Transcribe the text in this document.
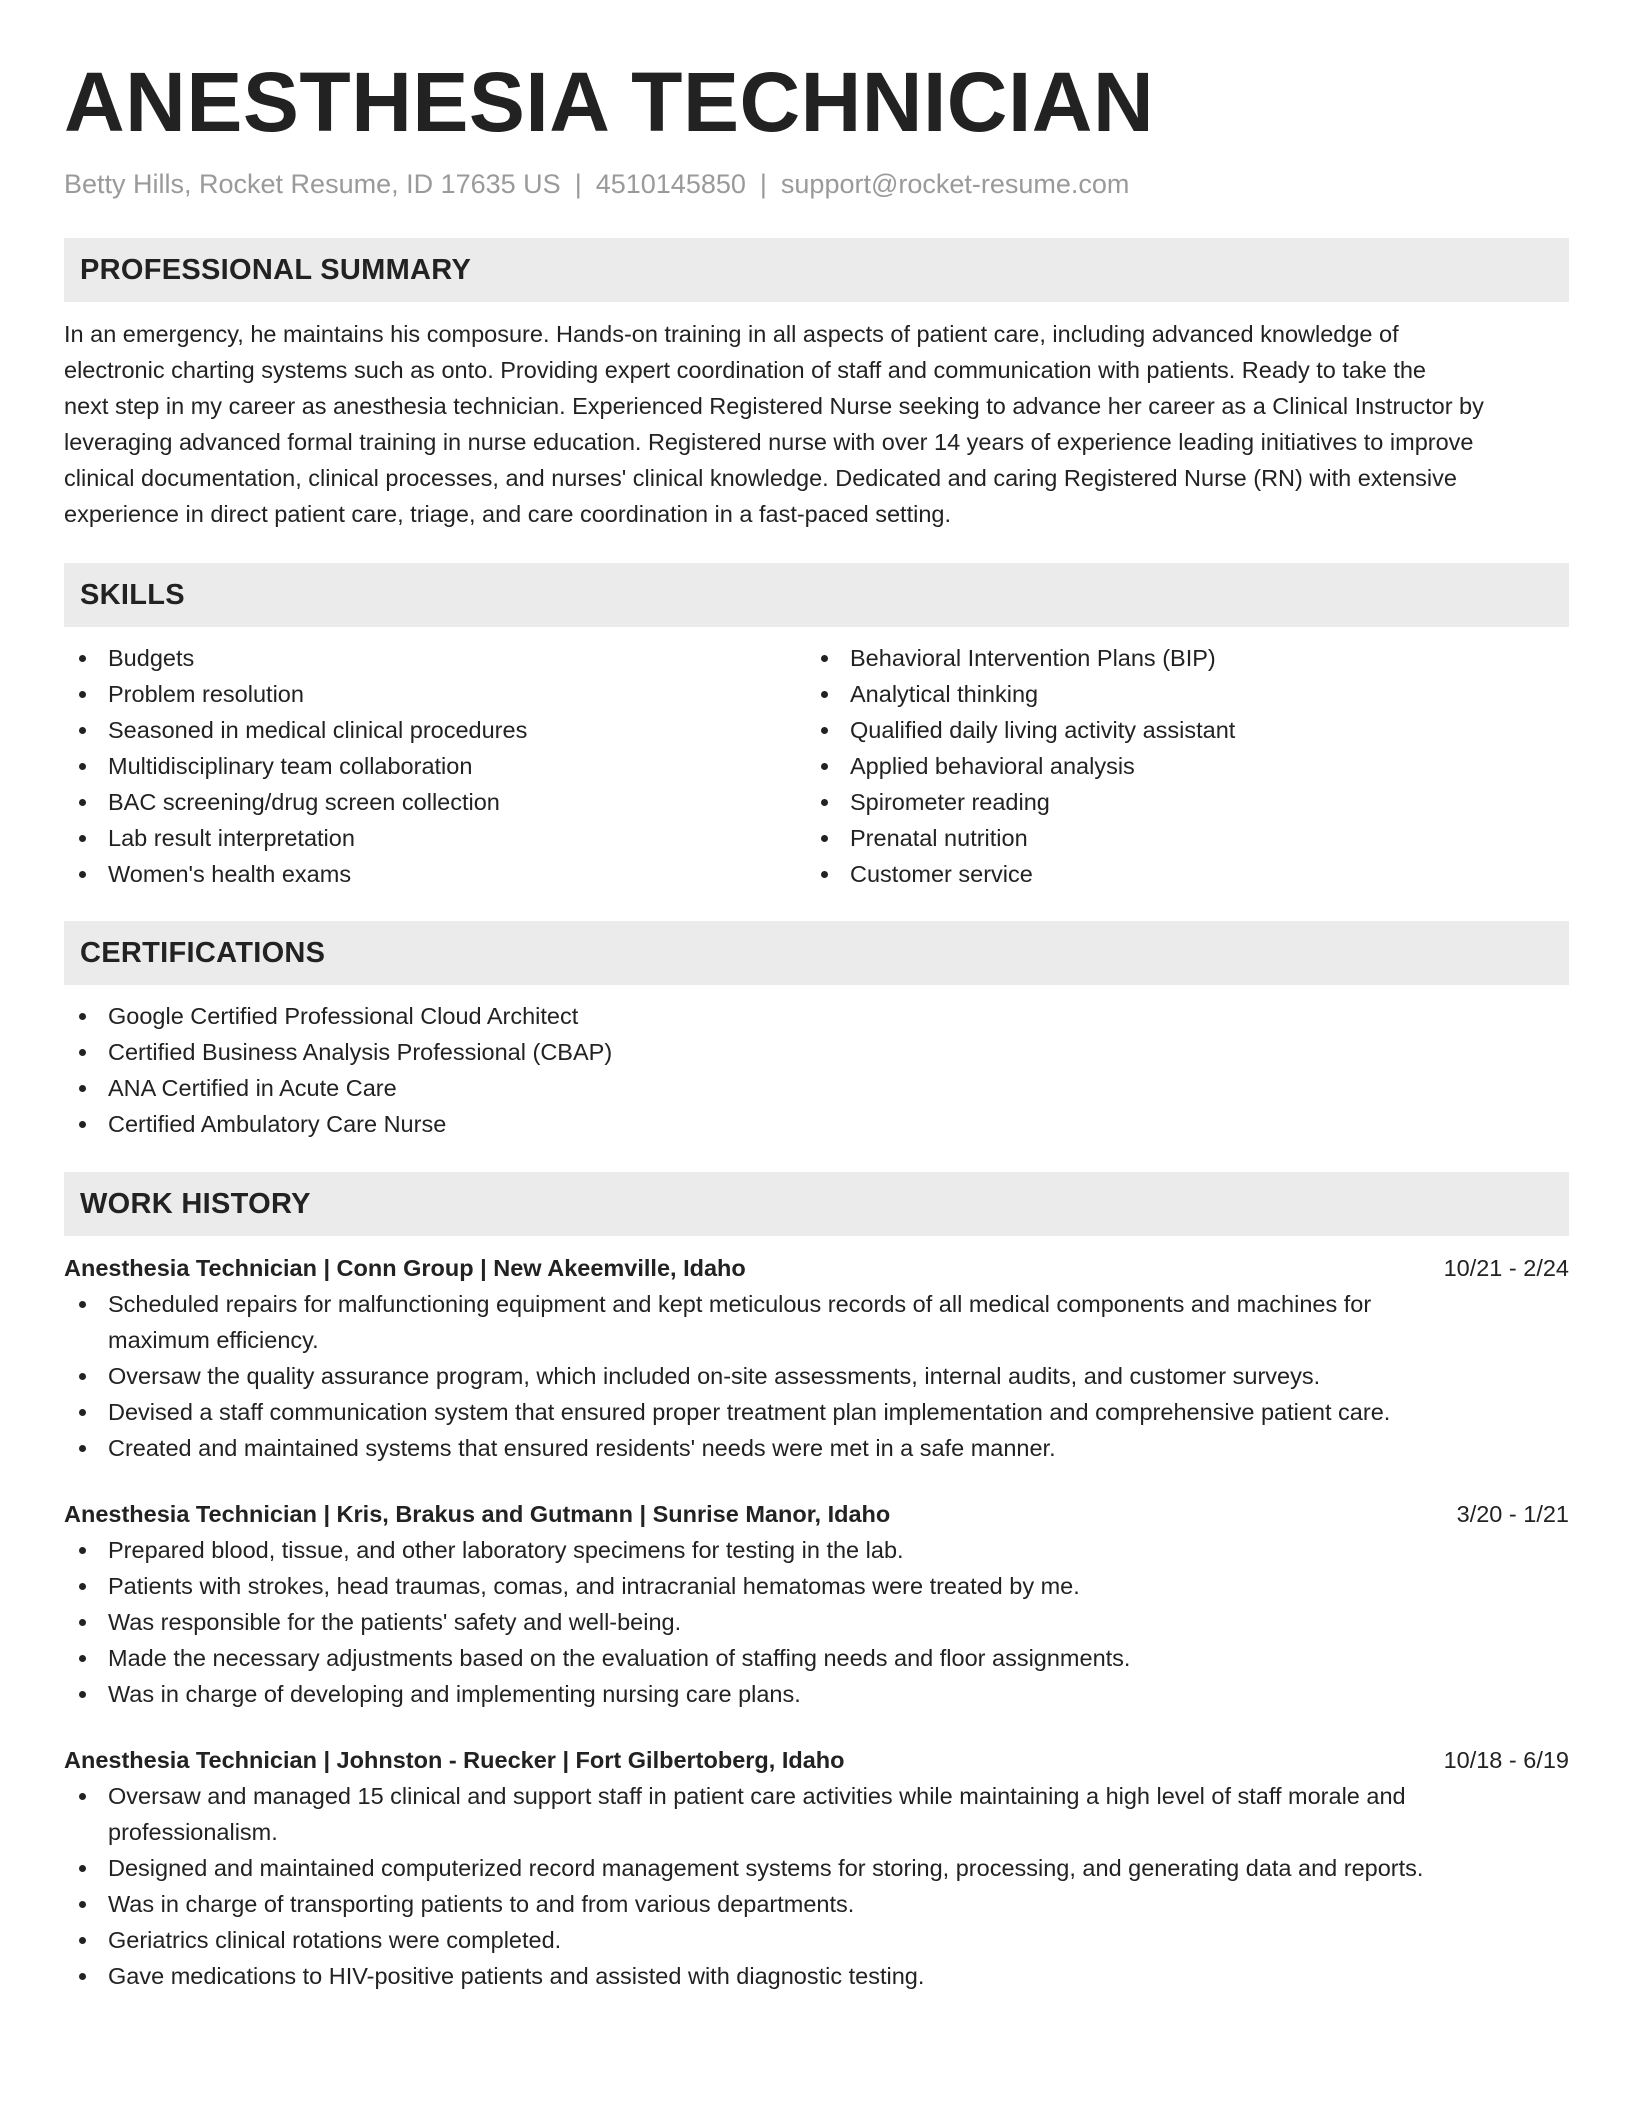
ANESTHESIA TECHNICIAN
Betty Hills, Rocket Resume, ID 17635 US | 4510145850 | support@rocket-resume.com
PROFESSIONAL SUMMARY
In an emergency, he maintains his composure. Hands-on training in all aspects of patient care, including advanced knowledge of
electronic charting systems such as onto. Providing expert coordination of staff and communication with patients. Ready to take the
next step in my career as anesthesia technician. Experienced Registered Nurse seeking to advance her career as a Clinical Instructor by
leveraging advanced formal training in nurse education. Registered nurse with over 14 years of experience leading initiatives to improve
clinical documentation, clinical processes, and nurses' clinical knowledge. Dedicated and caring Registered Nurse (RN) with extensive
experience in direct patient care, triage, and care coordination in a fast-paced setting.
SKILLS
Budgets
Problem resolution
Seasoned in medical clinical procedures
Multidisciplinary team collaboration
BAC screening/drug screen collection
Lab result interpretation
Women's health exams
Behavioral Intervention Plans (BIP)
Analytical thinking
Qualified daily living activity assistant
Applied behavioral analysis
Spirometer reading
Prenatal nutrition
Customer service
CERTIFICATIONS
Google Certified Professional Cloud Architect
Certified Business Analysis Professional (CBAP)
ANA Certified in Acute Care
Certified Ambulatory Care Nurse
WORK HISTORY
Anesthesia Technician | Conn Group | New Akeemville, Idaho	10/21 - 2/24
Scheduled repairs for malfunctioning equipment and kept meticulous records of all medical components and machines for
maximum efficiency.
Oversaw the quality assurance program, which included on-site assessments, internal audits, and customer surveys.
Devised a staff communication system that ensured proper treatment plan implementation and comprehensive patient care.
Created and maintained systems that ensured residents' needs were met in a safe manner.
Anesthesia Technician | Kris, Brakus and Gutmann | Sunrise Manor, Idaho	3/20 - 1/21
Prepared blood, tissue, and other laboratory specimens for testing in the lab.
Patients with strokes, head traumas, comas, and intracranial hematomas were treated by me.
Was responsible for the patients' safety and well-being.
Made the necessary adjustments based on the evaluation of staffing needs and floor assignments.
Was in charge of developing and implementing nursing care plans.
Anesthesia Technician | Johnston - Ruecker | Fort Gilbertoberg, Idaho	10/18 - 6/19
Oversaw and managed 15 clinical and support staff in patient care activities while maintaining a high level of staff morale and
professionalism.
Designed and maintained computerized record management systems for storing, processing, and generating data and reports.
Was in charge of transporting patients to and from various departments.
Geriatrics clinical rotations were completed.
Gave medications to HIV-positive patients and assisted with diagnostic testing.
